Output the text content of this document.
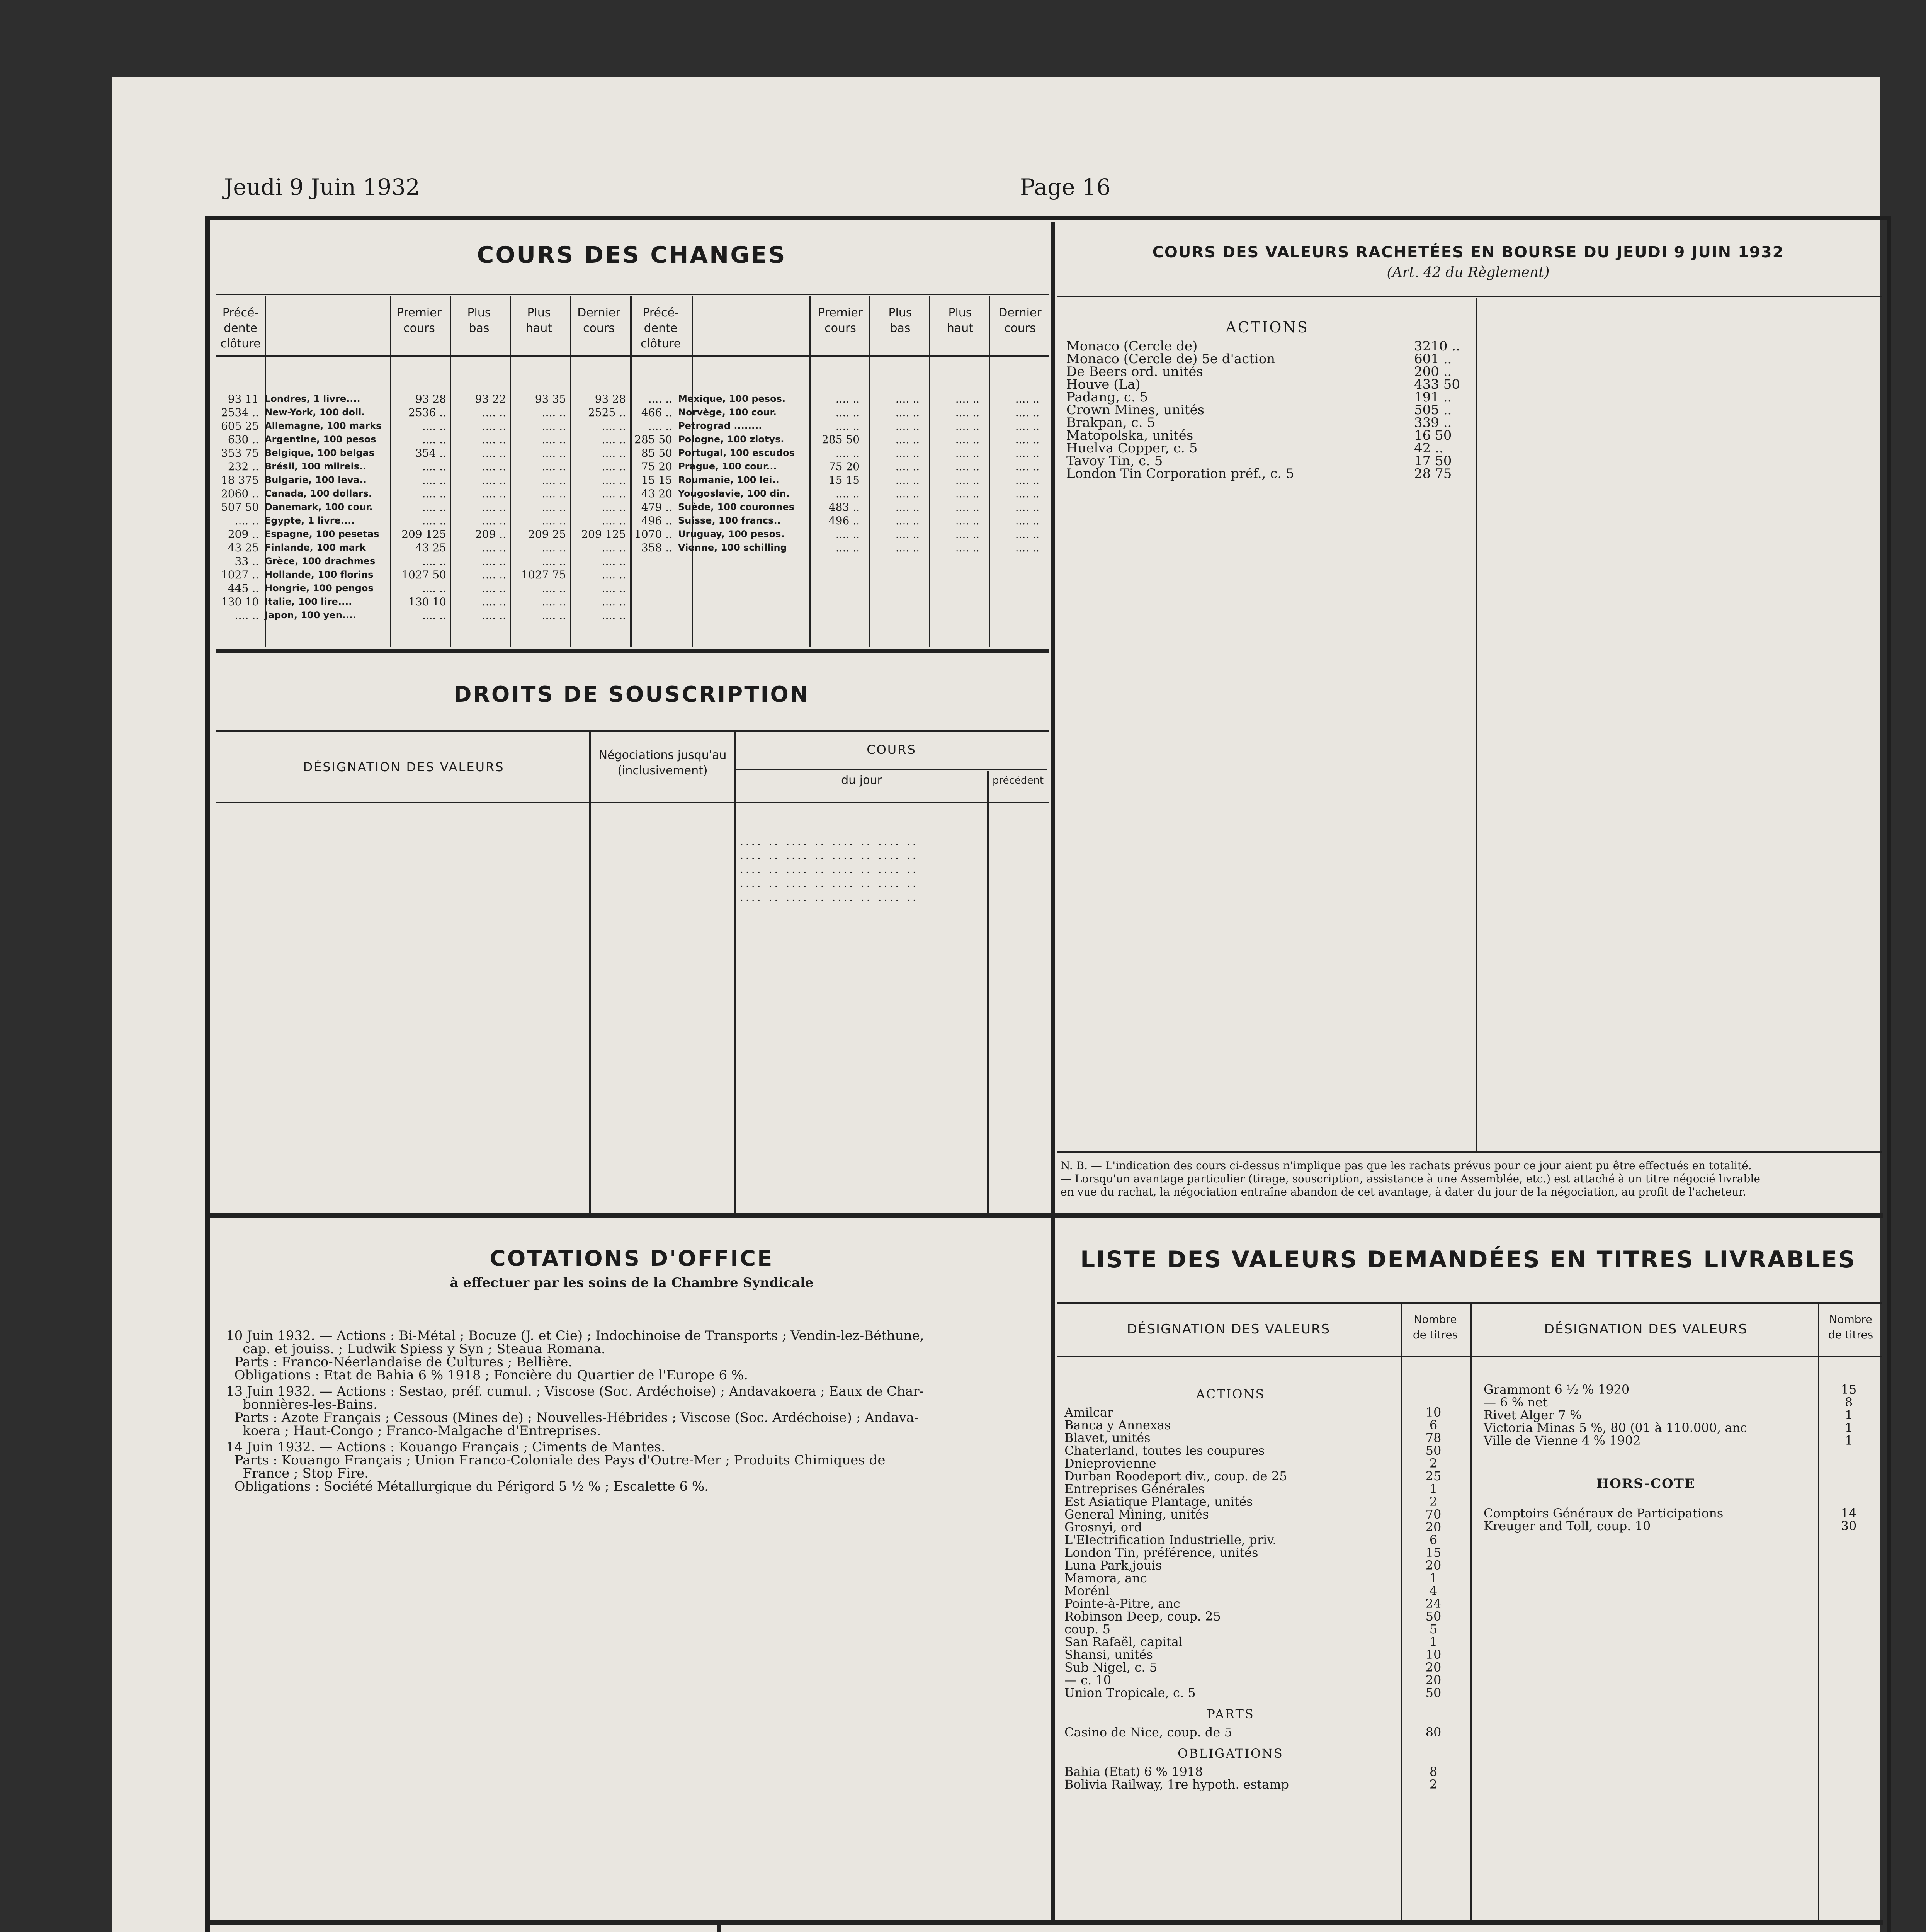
Jeudi 9 Juin 1932	Page 16
COURS DES CHANGES
Précé-
dente
clôture
Premier
cours
Plus
bas
Plus
haut
Dernier
cours
Précé-
dente
clôture
Premier
cours
Plus
bas
Plus
haut
Dernier
cours
93 11 Londres, 1 livre....	93 28	93 22	93 35	93 28
2534 .. New-York, 100 doll.	2536 ..	.... ..	.... ..	2525 ..
605 25 Allemagne, 100 marks	.... ..	.... ..	.... ..	.... ..
630 .. Argentine, 100 pesos	.... ..	.... ..	.... ..	.... ..
353 75 Belgique, 100 belgas	354 ..	.... ..	.... ..	.... ..
232 .. Brésil, 100 milreis..	.... ..	.... ..	.... ..	.... ..
18 375 Bulgarie, 100 leva..	.... ..	.... ..	.... ..	.... ..
2060 .. Canada, 100 dollars.	.... ..	.... ..	.... ..	.... ..
507 50 Danemark, 100 cour.	.... ..	.... ..	.... ..	.... ..
.... .. Egypte, 1 livre....	.... ..	.... ..	.... ..	.... ..
209 .. Espagne, 100 pesetas	209 125	209 ..	209 25	209 125
43 25 Finlande, 100 mark	43 25	.... ..	.... ..	.... ..
33 .. Grèce, 100 drachmes	.... ..	.... ..	.... ..	.... ..
1027 .. Hollande, 100 florins	1027 50	.... ..	1027 75	.... ..
445 .. Hongrie, 100 pengos	.... ..	.... ..	.... ..	.... ..
130 10 Italie, 100 lire....	130 10	.... ..	.... ..	.... ..
.... .. Japon, 100 yen....	.... ..	.... ..	.... ..	.... ..
.... .. Mexique, 100 pesos.	.... ..	.... ..	.... ..	.... ..
466 .. Norvège, 100 cour.	.... ..	.... ..	.... ..	.... ..
.... .. Petrograd ........	.... ..	.... ..	.... ..	.... ..
285 50 Pologne, 100 zlotys.	285 50	.... ..	.... ..	.... ..
85 50 Portugal, 100 escudos	.... ..	.... ..	.... ..	.... ..
75 20 Prague, 100 cour...	75 20	.... ..	.... ..	.... ..
15 15 Roumanie, 100 lei..	15 15	.... ..	.... ..	.... ..
43 20 Yougoslavie, 100 din.	.... ..	.... ..	.... ..	.... ..
479 .. Suède, 100 couronnes	483 ..	.... ..	.... ..	.... ..
496 .. Suisse, 100 francs..	496 ..	.... ..	.... ..	.... ..
1070 .. Uruguay, 100 pesos.	.... ..	.... ..	.... ..	.... ..
358 .. Vienne, 100 schilling	.... ..	.... ..	.... ..	.... ..
DROITS DE SOUSCRIPTION
DÉSIGNATION DES VALEURS
Négociations jusqu'au
(inclusivement)
COURS
du jour	précédent
.... .. .... .. .... .. .... ..
.... .. .... .. .... .. .... ..
.... .. .... .. .... .. .... ..
.... .. .... .. .... .. .... ..
.... .. .... .. .... .. .... ..
COURS DES VALEURS RACHETÉES EN BOURSE DU JEUDI 9 JUIN 1932
(Art. 42 du Règlement)
ACTIONS
Monaco (Cercle de)	3210 ..
Monaco (Cercle de) 5e d'action	601 ..
De Beers ord. unités	200 ..
Houve (La)	433 50
Padang, c. 5	191 ..
Crown Mines, unités	505 ..
Brakpan, c. 5	339 ..
Matopolska, unités	16 50
Huelva Copper, c. 5	42 ..
Tavoy Tin, c. 5	17 50
London Tin Corporation préf., c. 5	28 75
N. B. — L'indication des cours ci-dessus n'implique pas que les rachats prévus pour ce jour aient pu être effectués en totalité.
— Lorsqu'un avantage particulier (tirage, souscription, assistance à une Assemblée, etc.) est attaché à un titre négocié livrable
en vue du rachat, la négociation entraîne abandon de cet avantage, à dater du jour de la négociation, au profit de l'acheteur.
COTATIONS D'OFFICE
à effectuer par les soins de la Chambre Syndicale
10 Juin 1932. — Actions : Bi-Métal ; Bocuze (J. et Cie) ; Indochinoise de Transports ; Vendin-lez-Béthune,
cap. et jouiss. ; Ludwik Spiess y Syn ; Steaua Romana.
Parts : Franco-Néerlandaise de Cultures ; Bellière.
Obligations : Etat de Bahia 6 % 1918 ; Foncière du Quartier de l'Europe 6 %.
13 Juin 1932. — Actions : Sestao, préf. cumul. ; Viscose (Soc. Ardéchoise) ; Andavakoera ; Eaux de Char-
bonnières-les-Bains.
Parts : Azote Français ; Cessous (Mines de) ; Nouvelles-Hébrides ; Viscose (Soc. Ardéchoise) ; Andava-
koera ; Haut-Congo ; Franco-Malgache d'Entreprises.
14 Juin 1932. — Actions : Kouango Français ; Ciments de Mantes.
Parts : Kouango Français ; Union Franco-Coloniale des Pays d'Outre-Mer ; Produits Chimiques de
France ; Stop Fire.
Obligations : Société Métallurgique du Périgord 5 ½ % ; Escalette 6 %.
LISTE DES VALEURS DEMANDÉES EN TITRES LIVRABLES
DÉSIGNATION DES VALEURS
Nombre
de titres	DÉSIGNATION DES VALEURS
Nombre
de titres
ACTIONS
Amilcar	10
Banca y Annexas	6
Blavet, unités	78
Chaterland, toutes les coupures	50
Dnieprovienne	2
Durban Roodeport div., coup. de 25	25
Entreprises Générales	1
Est Asiatique Plantage, unités	2
General Mining, unités	70
Grosnyi, ord	20
L'Electrification Industrielle, priv.	6
London Tin, préférence, unités	15
Luna Park,jouis	20
Mamora, anc	1
Morénl	4
Pointe-à-Pitre, anc	24
Robinson Deep, coup. 25	50
coup. 5	5
San Rafaël, capital	1
Shansi, unités	10
Sub Nigel, c. 5	20
— c. 10	20
Union Tropicale, c. 5	50
PARTS
Casino de Nice, coup. de 5	80
OBLIGATIONS
Bahia (Etat) 6 % 1918	8
Bolivia Railway, 1re hypoth. estamp	2
Grammont 6 ½ % 1920	15
— 6 % net	8
Rivet Alger 7 %	1
Victoria Minas 5 %, 80 (01 à 110.000, anc	1
Ville de Vienne 4 % 1902	1
HORS-COTE
Comptoirs Généraux de Participations	14
Kreuger and Toll, coup. 10	30
